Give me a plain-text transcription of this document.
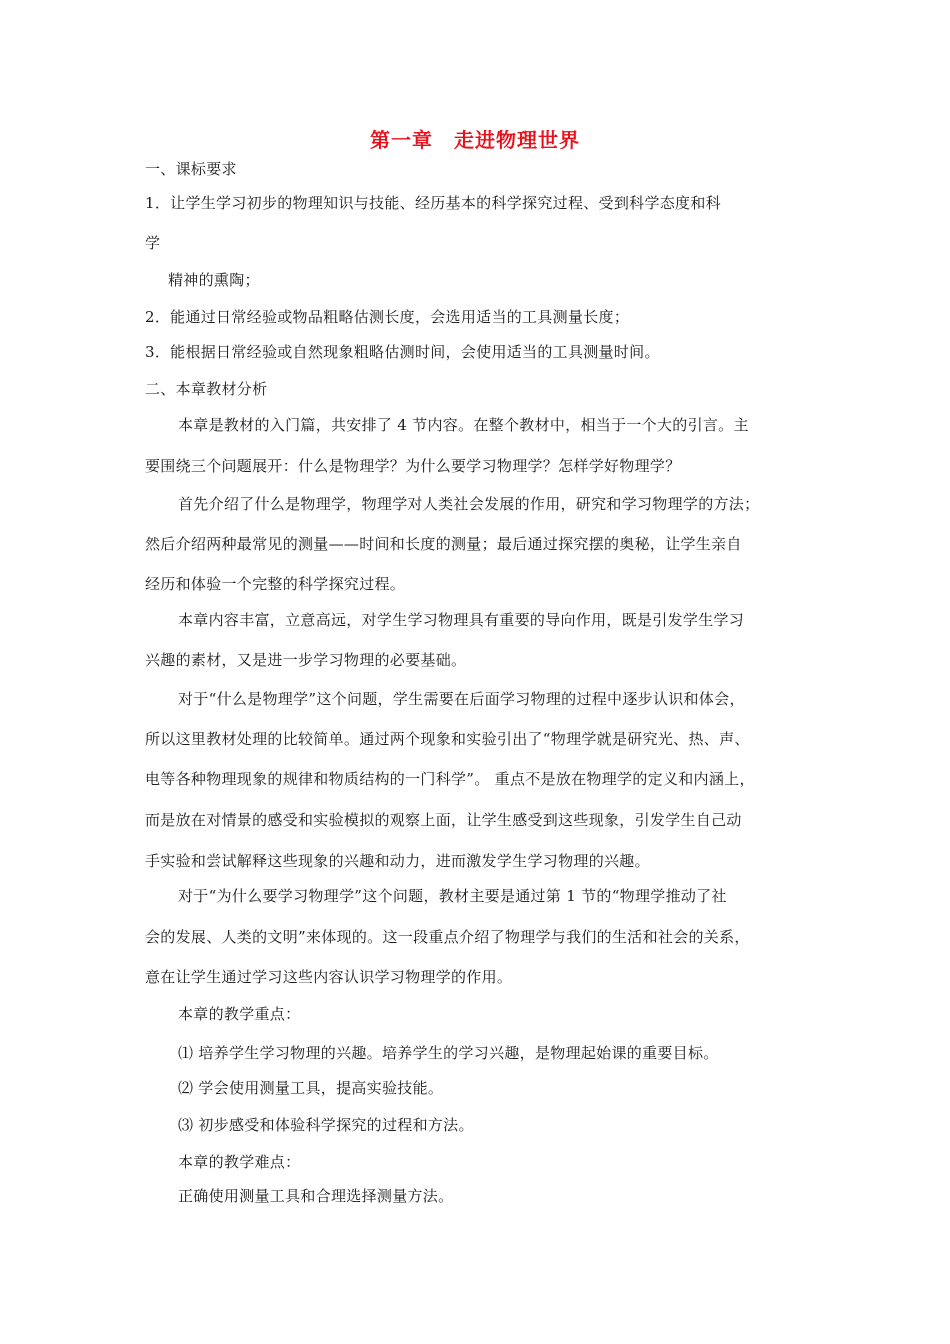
第一章　走进物理世界
一、课标要求
1．让学生学习初步的物理知识与技能、经历基本的科学探究过程、受到科学态度和科
学
精神的熏陶；
2．能通过日常经验或物品粗略估测长度，会选用适当的工具测量长度；
3．能根据日常经验或自然现象粗略估测时间，会使用适当的工具测量时间。
二、本章教材分析
本章是教材的入门篇，共安排了 4 节内容。在整个教材中，相当于一个大的引言。主
要围绕三个问题展开：什么是物理学？为什么要学习物理学？怎样学好物理学？
首先介绍了什么是物理学，物理学对人类社会发展的作用，研究和学习物理学的方法；
然后介绍两种最常见的测量——时间和长度的测量；最后通过探究摆的奥秘，让学生亲自
经历和体验一个完整的科学探究过程。
本章内容丰富，立意高远，对学生学习物理具有重要的导向作用，既是引发学生学习
兴趣的素材，又是进一步学习物理的必要基础。
对于“什么是物理学”这个问题，学生需要在后面学习物理的过程中逐步认识和体会，
所以这里教材处理的比较简单。通过两个现象和实验引出了“物理学就是研究光、热、声、
电等各种物理现象的规律和物质结构的一门科学”。 重点不是放在物理学的定义和内涵上，
而是放在对情景的感受和实验模拟的观察上面，让学生感受到这些现象，引发学生自己动
手实验和尝试解释这些现象的兴趣和动力，进而激发学生学习物理的兴趣。
对于“为什么要学习物理学”这个问题，教材主要是通过第 1 节的“物理学推动了社
会的发展、人类的文明”来体现的。这一段重点介绍了物理学与我们的生活和社会的关系，
意在让学生通过学习这些内容认识学习物理学的作用。
本章的教学重点：
⑴ 培养学生学习物理的兴趣。培养学生的学习兴趣，是物理起始课的重要目标。
⑵ 学会使用测量工具，提高实验技能。
⑶ 初步感受和体验科学探究的过程和方法。
本章的教学难点：
正确使用测量工具和合理选择测量方法。
